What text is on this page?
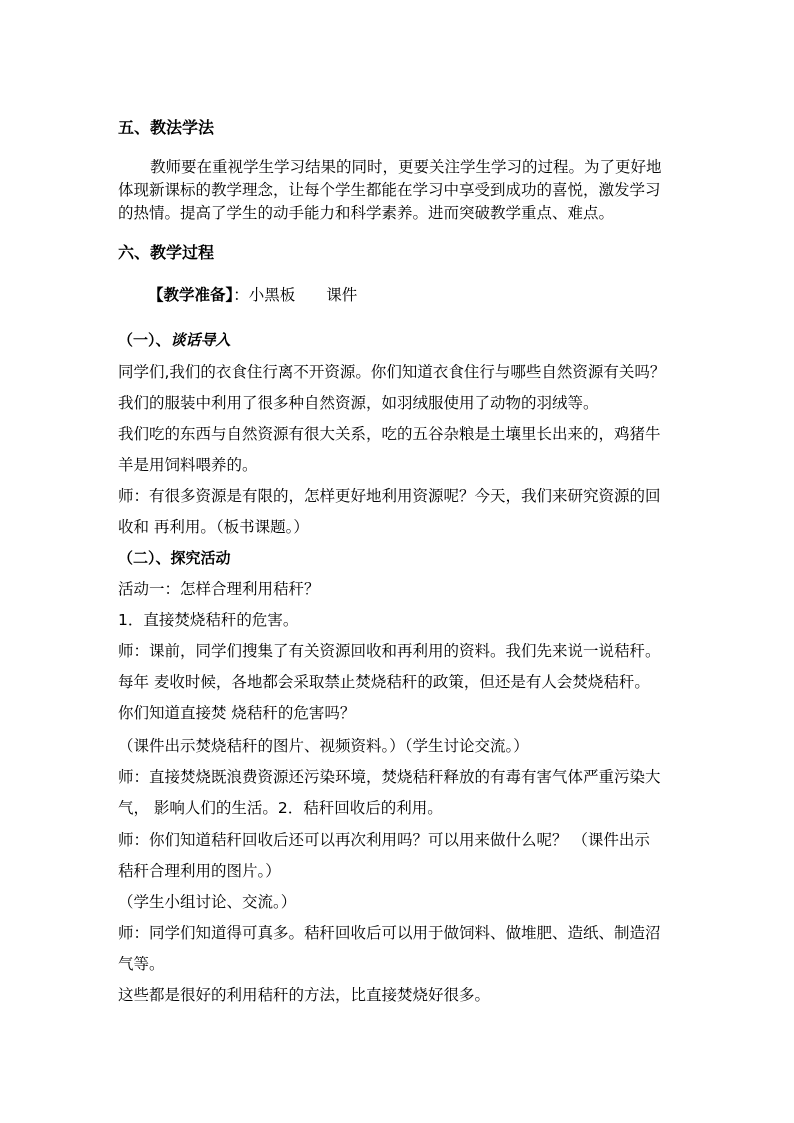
五、教法学法
教师要在重视学生学习结果的同时，更要关注学生学习的过程。为了更好地
体现新课标的教学理念，让每个学生都能在学习中享受到成功的喜悦，激发学习
的热情。提高了学生的动手能力和科学素养。进而突破教学重点、难点。
六、教学过程
【教学准备】：小黑板　　课件
（一）、谈话导入
同学们,我们的衣食住行离不开资源。你们知道衣食住行与哪些自然资源有关吗？
我们的服装中利用了很多种自然资源，如羽绒服使用了动物的羽绒等。
我们吃的东西与自然资源有很大关系，吃的五谷杂粮是土壤里长出来的，鸡猪牛
羊是用饲料喂养的。
师：有很多资源是有限的，怎样更好地利用资源呢？今天，我们来研究资源的回
收和 再利用。（板书课题。）
（二）、探究活动
活动一：怎样合理利用秸秆？
1．直接焚烧秸秆的危害。
师：课前，同学们搜集了有关资源回收和再利用的资料。我们先来说一说秸秆。
每年 麦收时候，各地都会采取禁止焚烧秸秆的政策，但还是有人会焚烧秸秆。
你们知道直接焚 烧秸秆的危害吗？
（课件出示焚烧秸秆的图片、视频资料。）（学生讨论交流。）
师：直接焚烧既浪费资源还污染环境，焚烧秸秆释放的有毒有害气体严重污染大
气， 影响人们的生活。2．秸秆回收后的利用。
师：你们知道秸秆回收后还可以再次利用吗？可以用来做什么呢？ （课件出示
秸秆合理利用的图片。）
（学生小组讨论、交流。）
师：同学们知道得可真多。秸秆回收后可以用于做饲料、做堆肥、造纸、制造沼
气等。
这些都是很好的利用秸秆的方法，比直接焚烧好很多。
